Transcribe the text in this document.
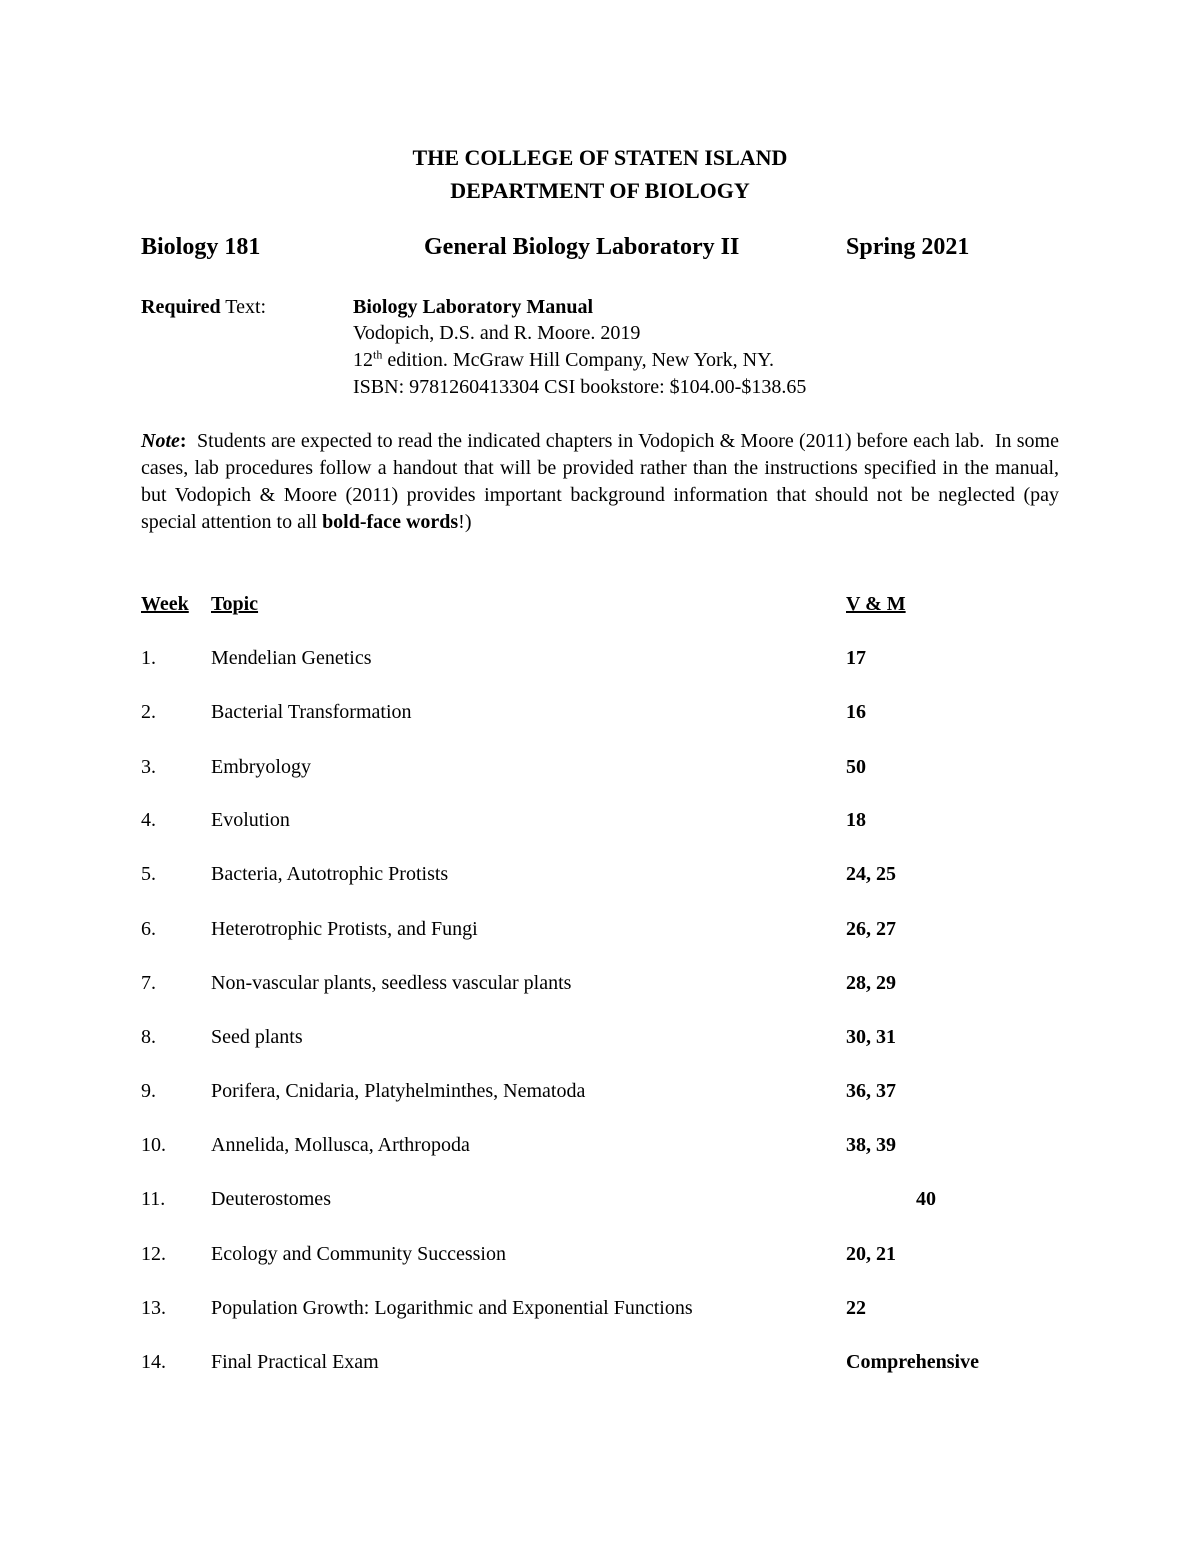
THE COLLEGE OF STATEN ISLAND
DEPARTMENT OF BIOLOGY
Biology 181	General Biology Laboratory II	Spring 2021
Required Text:	Biology Laboratory Manual
Vodopich, D.S. and R. Moore. 2019
12th edition. McGraw Hill Company, New York, NY.
ISBN: 9781260413304 CSI bookstore: $104.00-$138.65
Note:  Students are expected to read the indicated chapters in Vodopich & Moore (2011) before each lab.  In some cases, lab procedures follow a handout that will be provided rather than the instructions specified in the manual, but Vodopich & Moore (2011) provides important background information that should not be neglected (pay special attention to all bold-face words!)
Week Topic	V & M
1.	Mendelian Genetics	17
2.	Bacterial Transformation	16
3.	Embryology	50
4.	Evolution	18
5.	Bacteria, Autotrophic Protists	24, 25
6.	Heterotrophic Protists, and Fungi	26, 27
7.	Non-vascular plants, seedless vascular plants	28, 29
8.	Seed plants	30, 31
9.	Porifera, Cnidaria, Platyhelminthes, Nematoda	36, 37
10. Annelida, Mollusca, Arthropoda	38, 39
11. Deuterostomes	40
12. Ecology and Community Succession	20, 21
13. Population Growth: Logarithmic and Exponential Functions	22
14. Final Practical Exam	Comprehensive
